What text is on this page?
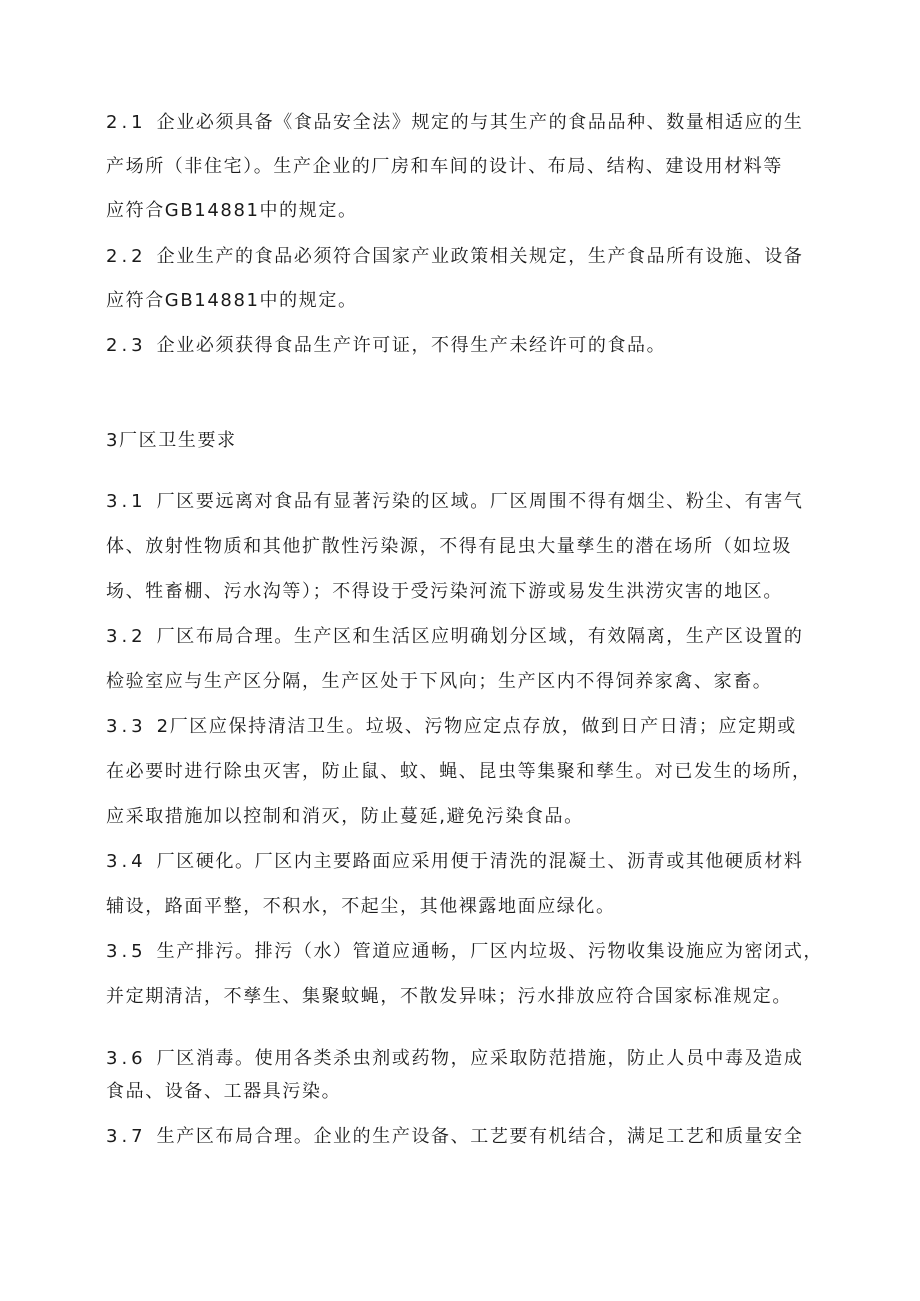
2.1 企业必须具备《食品安全法》规定的与其生产的食品品种、数量相适应的生
产场所（非住宅）。生产企业的厂房和车间的设计、布局、结构、建设用材料等
应符合GB14881中的规定。
2.2 企业生产的食品必须符合国家产业政策相关规定，生产食品所有设施、设备
应符合GB14881中的规定。
2.3 企业必须获得食品生产许可证，不得生产未经许可的食品。
3厂区卫生要求
3.1 厂区要远离对食品有显著污染的区域。厂区周围不得有烟尘、粉尘、有害气
体、放射性物质和其他扩散性污染源，不得有昆虫大量孳生的潜在场所（如垃圾
场、牲畜棚、污水沟等）；不得设于受污染河流下游或易发生洪涝灾害的地区。
3.2 厂区布局合理。生产区和生活区应明确划分区域，有效隔离，生产区设置的
检验室应与生产区分隔，生产区处于下风向；生产区内不得饲养家禽、家畜。
3.3 2厂区应保持清洁卫生。垃圾、污物应定点存放，做到日产日清；应定期或
在必要时进行除虫灭害，防止鼠、蚊、蝇、昆虫等集聚和孳生。对已发生的场所，
应采取措施加以控制和消灭，防止蔓延,避免污染食品。
3.4 厂区硬化。厂区内主要路面应采用便于清洗的混凝土、沥青或其他硬质材料
辅设，路面平整，不积水，不起尘，其他裸露地面应绿化。
3.5 生产排污。排污（水）管道应通畅，厂区内垃圾、污物收集设施应为密闭式，
并定期清洁，不孳生、集聚蚊蝇，不散发异味；污水排放应符合国家标准规定。
3.6 厂区消毒。使用各类杀虫剂或药物，应采取防范措施，防止人员中毒及造成
食品、设备、工器具污染。
3.7 生产区布局合理。企业的生产设备、工艺要有机结合，满足工艺和质量安全
